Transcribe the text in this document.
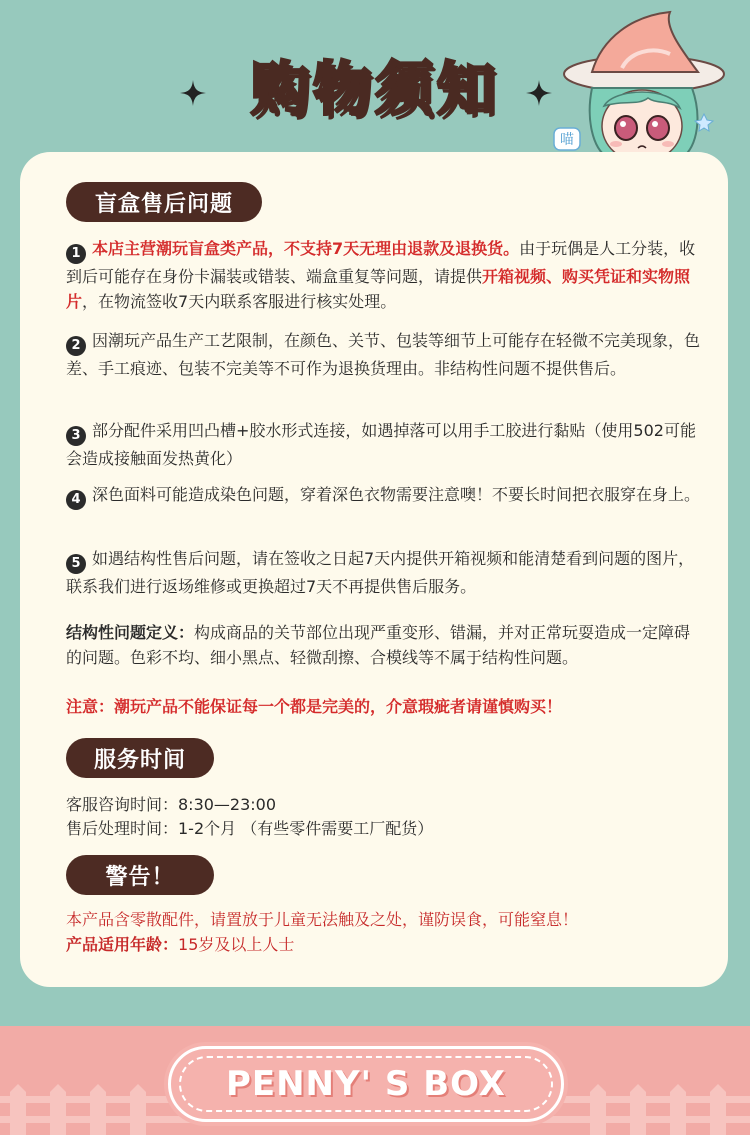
购物须知
喵
盲盒售后问题
1 本店主营潮玩盲盒类产品，不支持7天无理由退款及退换货。由于玩偶是人工分装，收到后可能存在身份卡漏装或错装、端盒重复等问题，请提供开箱视频、购买凭证和实物照片，在物流签收7天内联系客服进行核实处理。
2 因潮玩产品生产工艺限制，在颜色、关节、包装等细节上可能存在轻微不完美现象，色差、手工痕迹、包装不完美等不可作为退换货理由。非结构性问题不提供售后。
3 部分配件采用凹凸槽+胶水形式连接，如遇掉落可以用手工胶进行黏贴（使用502可能会造成接触面发热黄化）
4 深色面料可能造成染色问题，穿着深色衣物需要注意噢！不要长时间把衣服穿在身上。
5 如遇结构性售后问题，请在签收之日起7天内提供开箱视频和能清楚看到问题的图片，联系我们进行返场维修或更换超过7天不再提供售后服务。
结构性问题定义：构成商品的关节部位出现严重变形、错漏，并对正常玩耍造成一定障碍的问题。色彩不均、细小黑点、轻微刮擦、合模线等不属于结构性问题。
注意：潮玩产品不能保证每一个都是完美的，介意瑕疵者请谨慎购买！
服务时间
客服咨询时间：8:30—23:00
售后处理时间：1-2个月 （有些零件需要工厂配货）
警告！
本产品含零散配件，请置放于儿童无法触及之处，谨防误食，可能窒息！
产品适用年龄：15岁及以上人士
PENNY' S BOX
